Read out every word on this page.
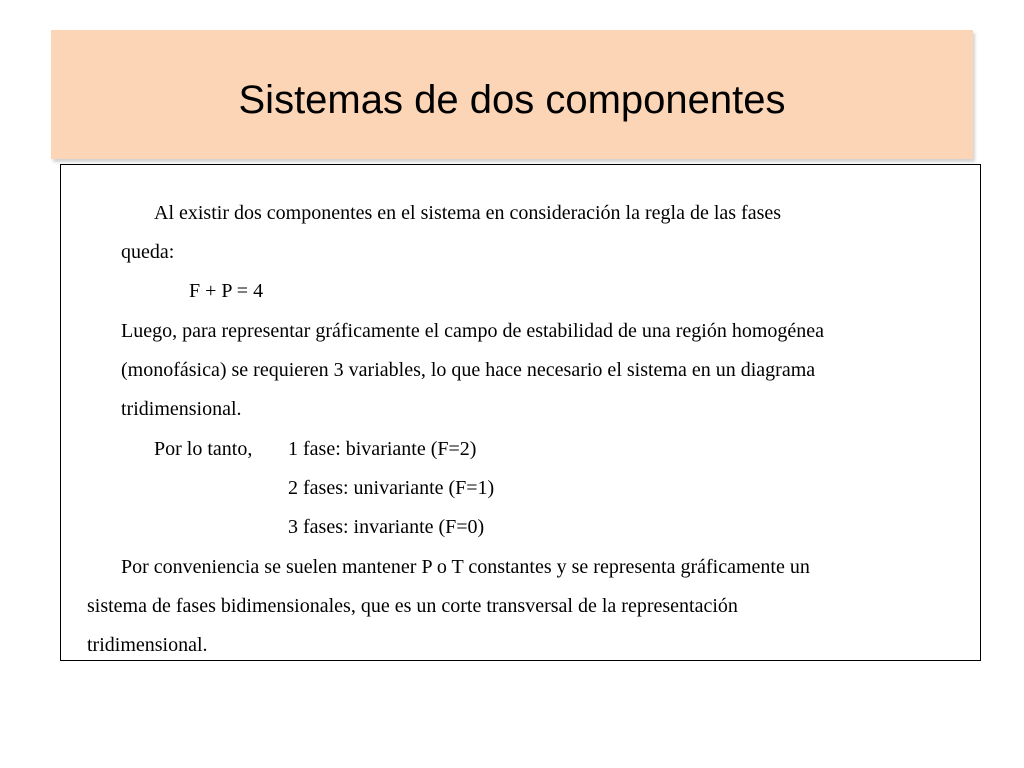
Sistemas de dos componentes
Al existir dos componentes en el sistema en consideración la regla de las fases
queda:
F + P = 4
Luego, para representar gráficamente el campo de estabilidad de una región homogénea
(monofásica) se requieren 3 variables, lo que hace necesario el sistema en un diagrama
tridimensional.
Por lo tanto, 1 fase: bivariante (F=2)
2 fases: univariante (F=1)
3 fases: invariante (F=0)
Por conveniencia se suelen mantener P o T constantes y se representa gráficamente un
sistema de fases bidimensionales, que es un corte transversal de la representación
tridimensional.
